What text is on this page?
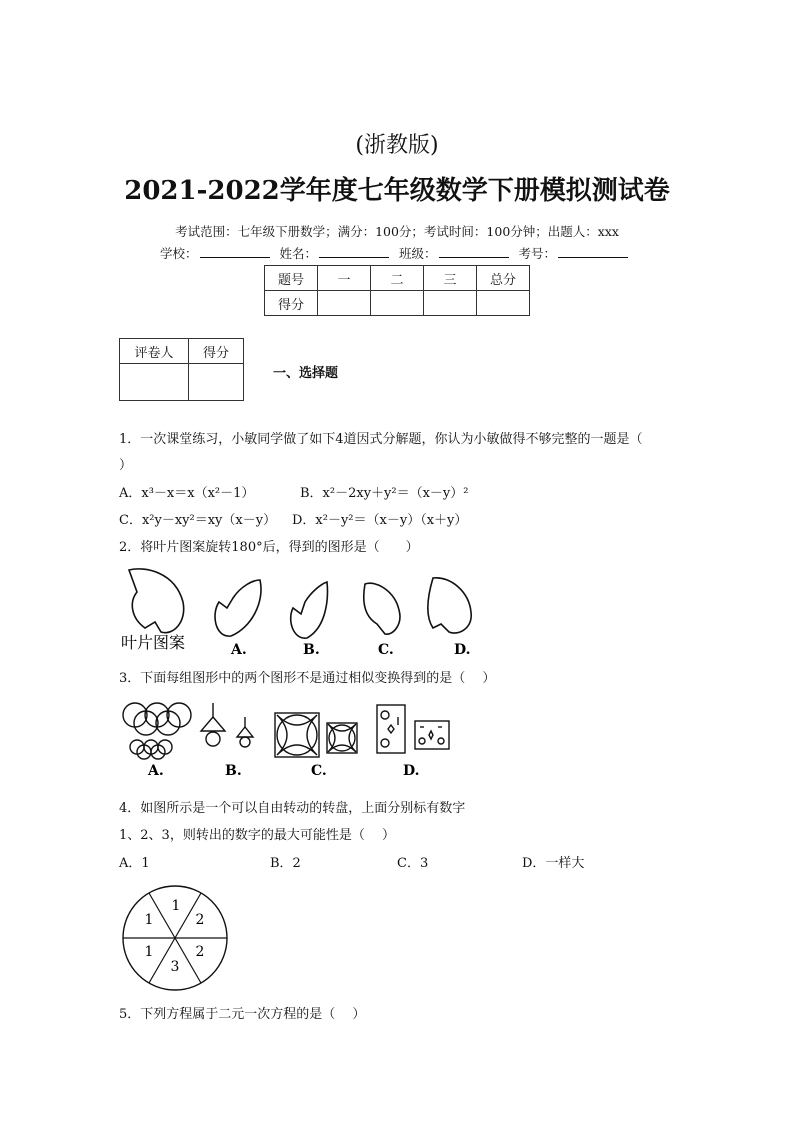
(浙教版)
2021-2022学年度七年级数学下册模拟测试卷
考试范围：七年级下册数学；满分：100分；考试时间：100分钟；出题人：xxx
学校：	姓名：	班级：	考号：
题号	一	二	三	总分
得分				
评卷人	得分

一、选择题
1．一次课堂练习，小敏同学做了如下4道因式分解题，你认为小敏做得不够完整的一题是（
）
A．x³－x＝x（x²－1）	B．x²－2xy＋y²＝（x－y）²
C．x²y－xy²＝xy（x－y） D．x²－y²＝（x－y）（x＋y）
2．将叶片图案旋转180°后，得到的图形是（　　）
叶片图案	A.	B.	C.	D.
3．下面每组图形中的两个图形不是通过相似变换得到的是（　 ）
A.	B.	C.	D.
4．如图所示是一个可以自由转动的转盘，上面分别标有数字
1、2、3，则转出的数字的最大可能性是（　 ）
A．1	B．2	C．3	D．一样大
1
2
2
3
1
1
5．下列方程属于二元一次方程的是（　 ）
